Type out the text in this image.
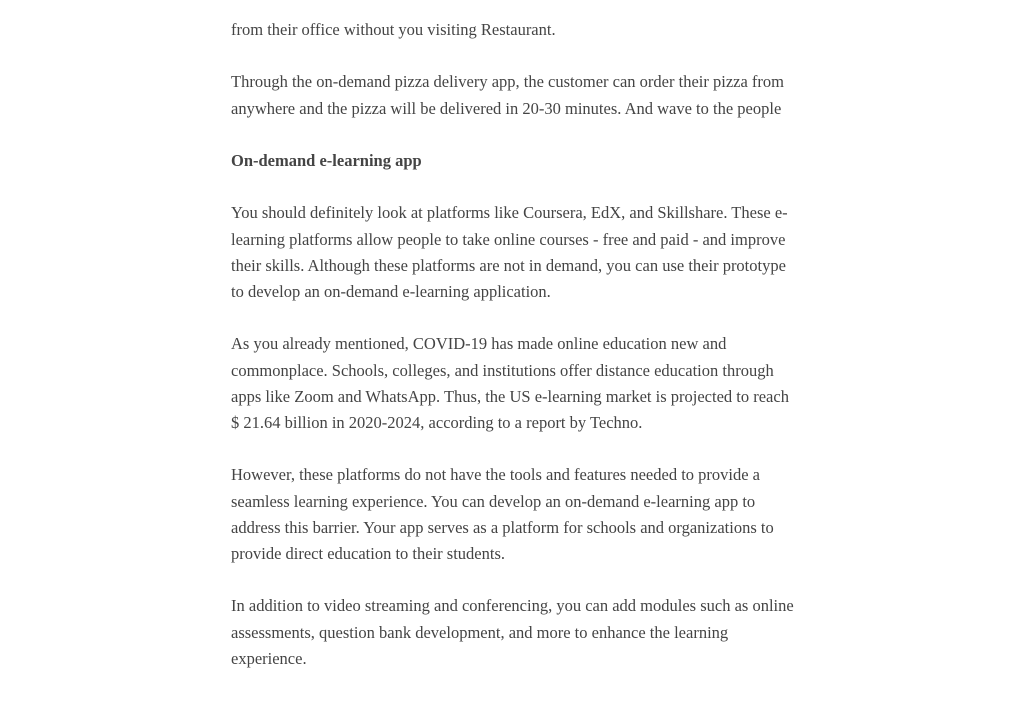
from their office without you visiting Restaurant.

Through the on-demand pizza delivery app, the customer can order their pizza from anywhere and the pizza will be delivered in 20-30 minutes. And wave to the people

On-demand e-learning app

You should definitely look at platforms like Coursera, EdX, and Skillshare. These e-learning platforms allow people to take online courses - free and paid - and improve their skills. Although these platforms are not in demand, you can use their prototype to develop an on-demand e-learning application.

As you already mentioned, COVID-19 has made online education new and commonplace. Schools, colleges, and institutions offer distance education through apps like Zoom and WhatsApp. Thus, the US e-learning market is projected to reach $ 21.64 billion in 2020-2024, according to a report by Techno.

However, these platforms do not have the tools and features needed to provide a seamless learning experience. You can develop an on-demand e-learning app to address this barrier. Your app serves as a platform for schools and organizations to provide direct education to their students.

In addition to video streaming and conferencing, you can add modules such as online assessments, question bank development, and more to enhance the learning experience.
